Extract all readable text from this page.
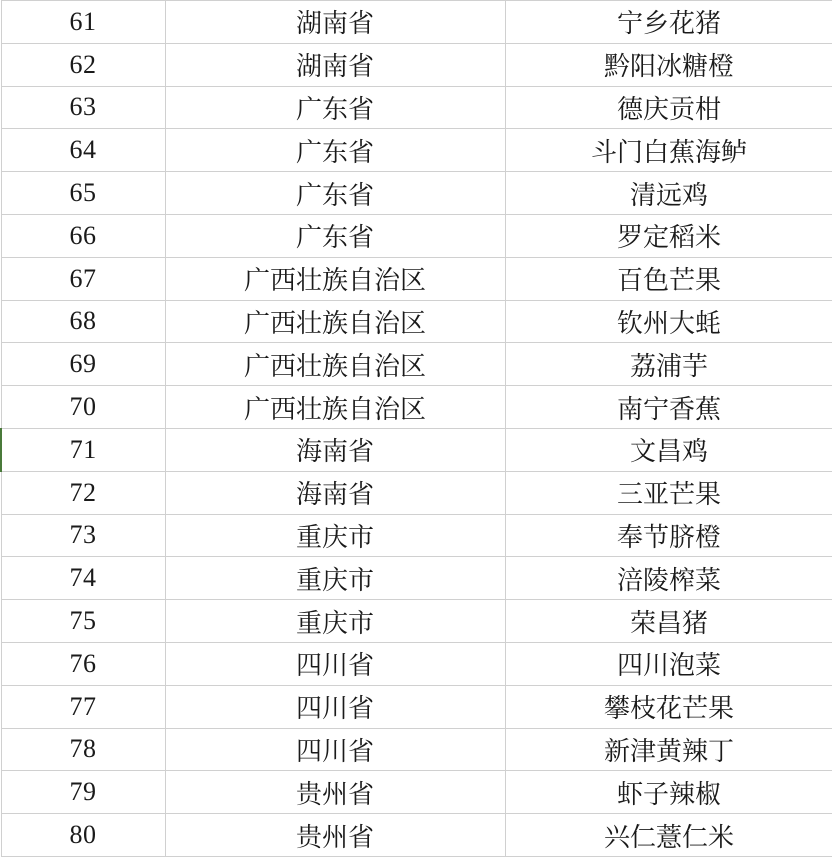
61	湖南省	宁乡花猪
62	湖南省	黔阳冰糖橙
63	广东省	德庆贡柑
64	广东省	斗门白蕉海鲈
65	广东省	清远鸡
66	广东省	罗定稻米
67	广西壮族自治区	百色芒果
68	广西壮族自治区	钦州大蚝
69	广西壮族自治区	荔浦芋
70	广西壮族自治区	南宁香蕉
71	海南省	文昌鸡
72	海南省	三亚芒果
73	重庆市	奉节脐橙
74	重庆市	涪陵榨菜
75	重庆市	荣昌猪
76	四川省	四川泡菜
77	四川省	攀枝花芒果
78	四川省	新津黄辣丁
79	贵州省	虾子辣椒
80	贵州省	兴仁薏仁米
